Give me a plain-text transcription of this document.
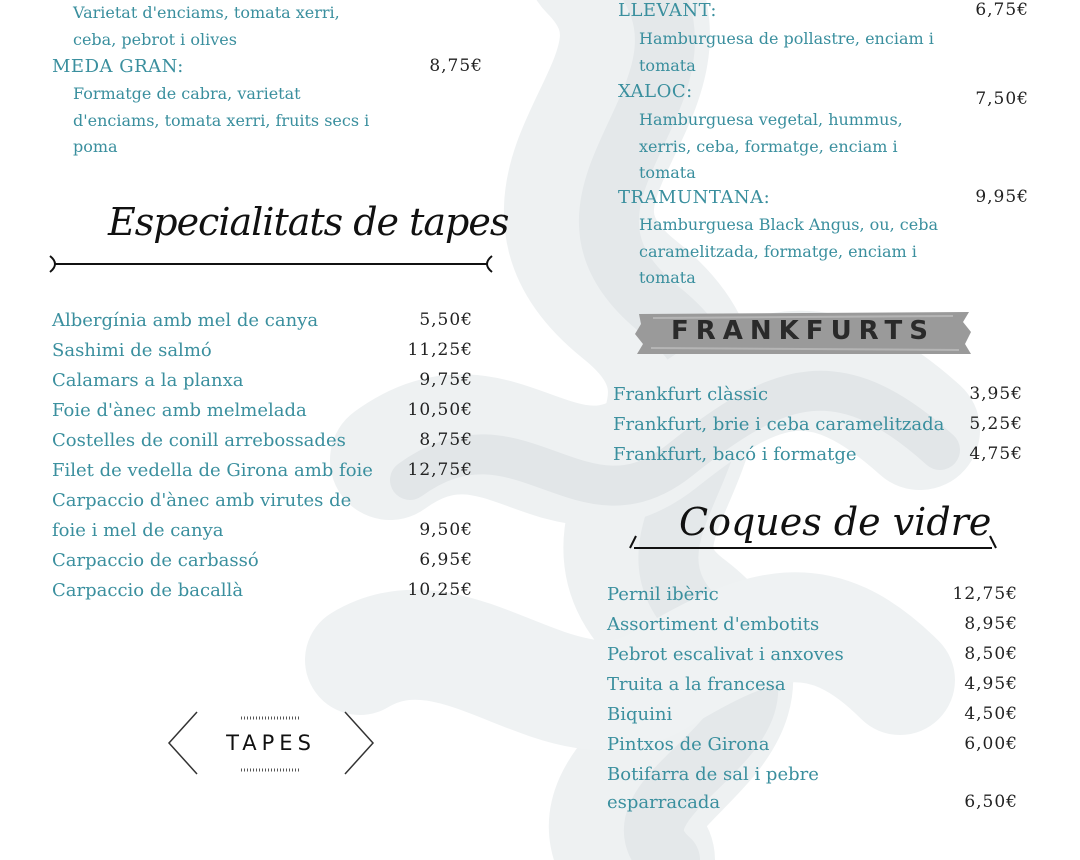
Varietat d'enciams, tomata xerri, ceba, pebrot i olives
MEDA GRAN:	8,75€
Formatge de cabra, varietat d'enciams, tomata xerri, fruits secs i poma
Especialitats de tapes
Albergínia amb mel de canya	5,50€
Sashimi de salmó	11,25€
Calamars a la planxa	9,75€
Foie d'ànec amb melmelada	10,50€
Costelles de conill arrebossades	8,75€
Filet de vedella de Girona amb foie 12,75€
Carpaccio d'ànec amb virutes de
foie i mel de canya	9,50€
Carpaccio de carbassó	6,95€
Carpaccio de bacallà	10,25€
TAPES
LLEVANT:	6,75€
Hamburguesa de pollastre, enciam i tomata
XALOC:	7,50€
Hamburguesa vegetal, hummus, xerris, ceba, formatge, enciam i tomata
TRAMUNTANA:	9,95€
Hamburguesa Black Angus, ou, ceba caramelitzada, formatge, enciam i tomata
FRANKFURTS
Frankfurt clàssic	3,95€
Frankfurt, brie i ceba caramelitzada 5,25€
Frankfurt, bacó i formatge	4,75€
Coques de vidre
Pernil ibèric	12,75€
Assortiment d'embotits	8,95€
Pebrot escalivat i anxoves	8,50€
Truita a la francesa	4,95€
Biquini	4,50€
Pintxos de Girona	6,00€
Botifarra de sal i pebre
esparracada	6,50€
